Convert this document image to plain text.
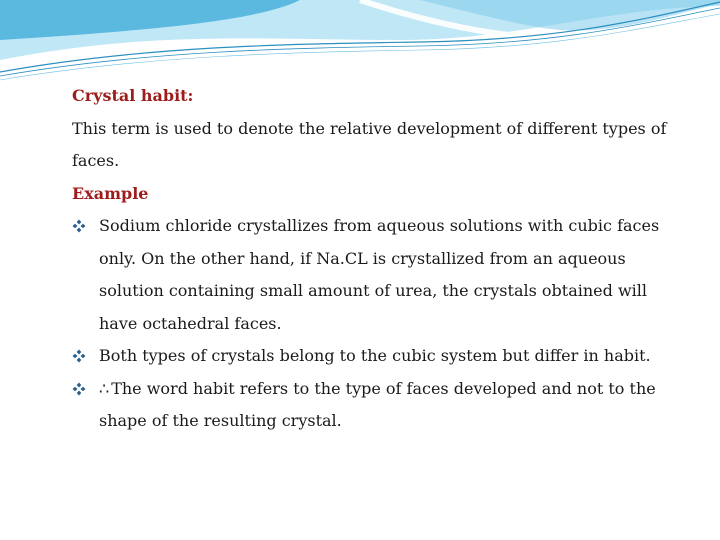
Crystal habit:
This term is used to denote the relative development of different types of
faces.
Example
Sodium chloride crystallizes from aqueous solutions with cubic faces
only. On the other hand, if Na.CL is crystallized from an aqueous
solution containing small amount of urea, the crystals obtained will
have octahedral faces.
Both types of crystals belong to the cubic system but differ in habit.
∴ The word habit refers to the type of faces developed and not to the
shape of the resulting crystal.
